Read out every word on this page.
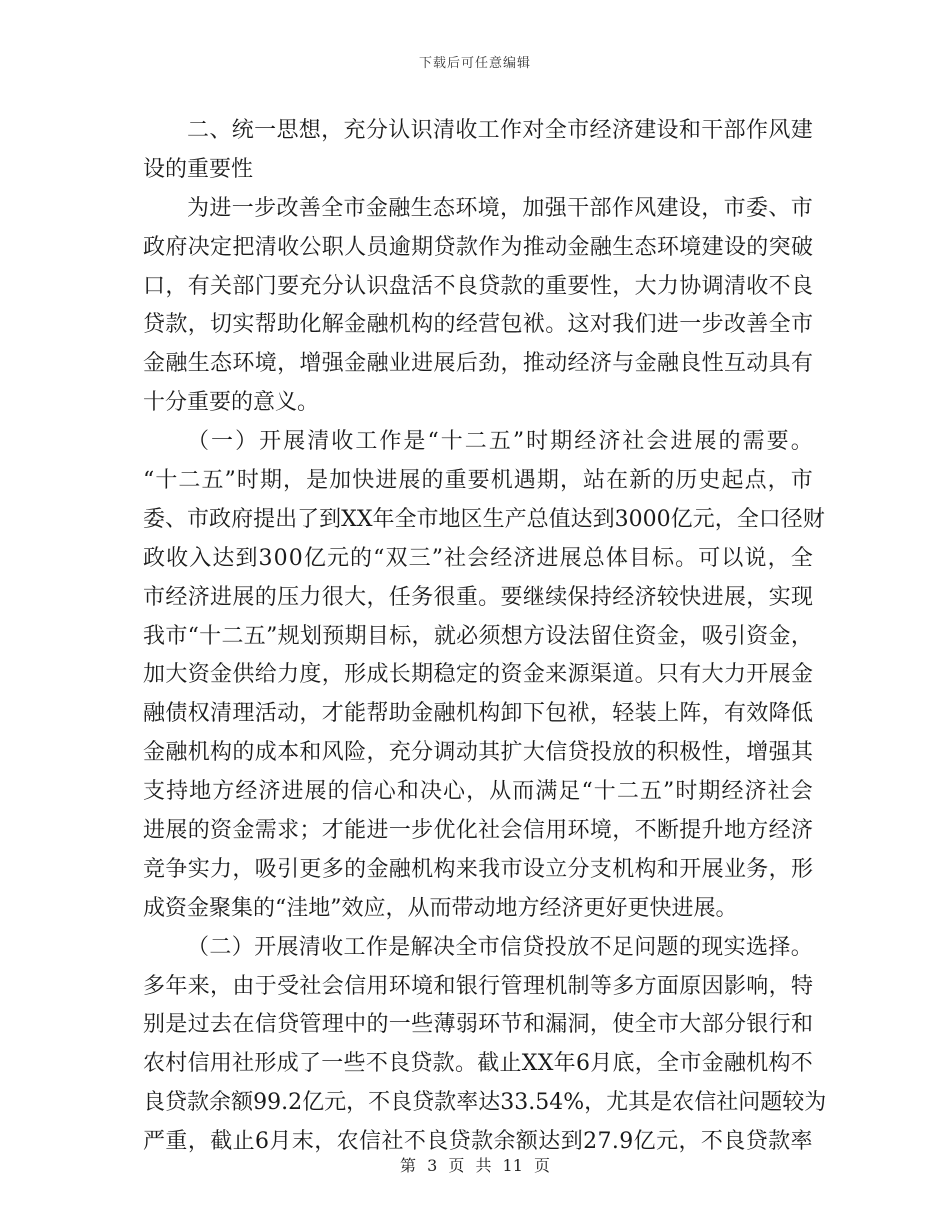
下载后可任意编辑
二 、 统 一 思 想 ， 充 分 认 识 清 收 工 作 对 全 市 经 济 建 设 和 干 部 作 风 建
设的重要性
为 进 一 步 改 善 全 市 金 融 生 态 环 境 ， 加 强 干 部 作 风 建 设 ， 市 委 、 市
政 府 决 定 把 清 收 公 职 人 员 逾 期 贷 款 作 为 推 动 金 融 生 态 环 境 建 设 的 突 破
口 ， 有 关 部 门 要 充 分 认 识 盘 活 不 良 贷 款 的 重 要 性 ， 大 力 协 调 清 收 不 良
贷 款 ， 切 实 帮 助 化 解 金 融 机 构 的 经 营 包 袱 。 这 对 我 们 进 一 步 改 善 全 市
金 融 生 态 环 境 ， 增 强 金 融 业 进 展 后 劲 ， 推 动 经 济 与 金 融 良 性 互 动 具 有
十分重要的意义。
（ 一 ） 开 展 清 收 工 作 是 “ 十 二 五 ” 时 期 经 济 社 会 进 展 的 需 要 。
“ 十 二 五 ” 时 期 ， 是 加 快 进 展 的 重 要 机 遇 期 ， 站 在 新 的 历 史 起 点 ， 市
委 、 市 政 府 提 出 了 到 X X 年 全 市 地 区 生 产 总 值 达 到 3 0 0 0 亿 元 ， 全 口 径 财
政 收 入 达 到 3 0 0 亿 元 的 “ 双 三 ” 社 会 经 济 进 展 总 体 目 标 。 可 以 说 ， 全
市 经 济 进 展 的 压 力 很 大 ， 任 务 很 重 。 要 继 续 保 持 经 济 较 快 进 展 ， 实 现
我 市 “ 十 二 五 ” 规 划 预 期 目 标 ， 就 必 须 想 方 设 法 留 住 资 金 ， 吸 引 资 金 ，
加 大 资 金 供 给 力 度 ， 形 成 长 期 稳 定 的 资 金 来 源 渠 道 。 只 有 大 力 开 展 金
融 债 权 清 理 活 动 ， 才 能 帮 助 金 融 机 构 卸 下 包 袱 ， 轻 装 上 阵 ， 有 效 降 低
金 融 机 构 的 成 本 和 风 险 ， 充 分 调 动 其 扩 大 信 贷 投 放 的 积 极 性 ， 增 强 其
支 持 地 方 经 济 进 展 的 信 心 和 决 心 ， 从 而 满 足 “ 十 二 五 ” 时 期 经 济 社 会
进 展 的 资 金 需 求 ； 才 能 进 一 步 优 化 社 会 信 用 环 境 ， 不 断 提 升 地 方 经 济
竞 争 实 力 ， 吸 引 更 多 的 金 融 机 构 来 我 市 设 立 分 支 机 构 和 开 展 业 务 ， 形
成资金聚集的“洼地”效应，从而带动地方经济更好更快进展。
（ 二 ） 开 展 清 收 工 作 是 解 决 全 市 信 贷 投 放 不 足 问 题 的 现 实 选 择 。
多 年 来 ， 由 于 受 社 会 信 用 环 境 和 银 行 管 理 机 制 等 多 方 面 原 因 影 响 ， 特
别 是 过 去 在 信 贷 管 理 中 的 一 些 薄 弱 环 节 和 漏 洞 ， 使 全 市 大 部 分 银 行 和
农 村 信 用 社 形 成 了 一 些 不 良 贷 款 。 截 止 X X 年 6 月 底 ， 全 市 金 融 机 构 不
良 贷 款 余 额 9 9 . 2 亿 元 ， 不 良 贷 款 率 达 3 3 . 5 4 % ， 尤 其 是 农 信 社 问 题 较 为
严 重 ， 截 止 6 月 末 ， 农 信 社 不 良 贷 款 余 额 达 到 2 7 . 9 亿 元 ， 不 良 贷 款 率
第 3 页 共 11 页
